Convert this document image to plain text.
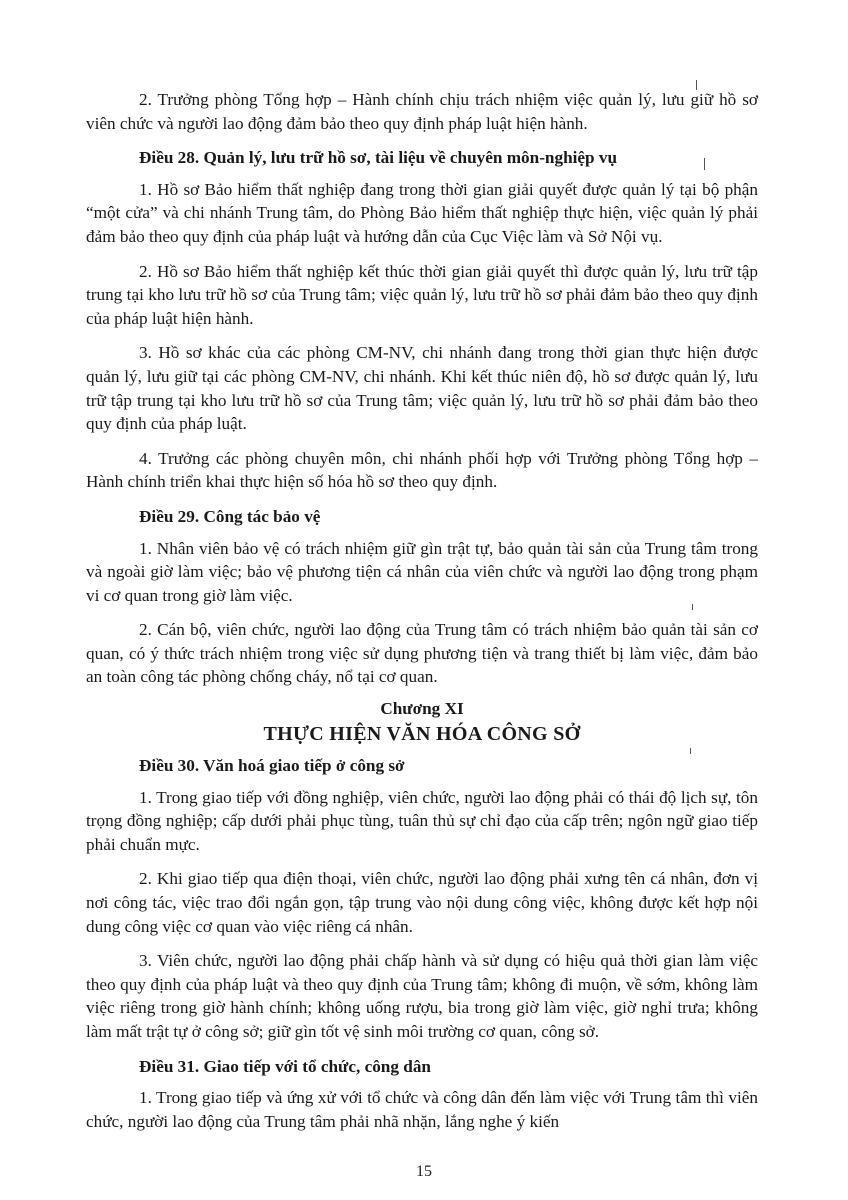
2. Trưởng phòng Tổng hợp – Hành chính chịu trách nhiệm việc quản lý, lưu giữ hồ sơ viên chức và người lao động đảm bảo theo quy định pháp luật hiện hành.

Điều 28. Quản lý, lưu trữ hồ sơ, tài liệu về chuyên môn-nghiệp vụ

1. Hồ sơ Bảo hiểm thất nghiệp đang trong thời gian giải quyết được quản lý tại bộ phận “một cửa” và chi nhánh Trung tâm, do Phòng Bảo hiểm thất nghiệp thực hiện, việc quản lý phải đảm bảo theo quy định của pháp luật và hướng dẫn của Cục Việc làm và Sở Nội vụ.

2. Hồ sơ Bảo hiểm thất nghiệp kết thúc thời gian giải quyết thì được quản lý, lưu trữ tập trung tại kho lưu trữ hồ sơ của Trung tâm; việc quản lý, lưu trữ hồ sơ phải đảm bảo theo quy định của pháp luật hiện hành.

3. Hồ sơ khác của các phòng CM-NV, chi nhánh đang trong thời gian thực hiện được quản lý, lưu giữ tại các phòng CM-NV, chi nhánh. Khi kết thúc niên độ, hồ sơ được quản lý, lưu trữ tập trung tại kho lưu trữ hồ sơ của Trung tâm; việc quản lý, lưu trữ hồ sơ phải đảm bảo theo quy định của pháp luật.

4. Trưởng các phòng chuyên môn, chi nhánh phối hợp với Trưởng phòng Tổng hợp – Hành chính triển khai thực hiện số hóa hồ sơ theo quy định.

Điều 29. Công tác bảo vệ

1. Nhân viên bảo vệ có trách nhiệm giữ gìn trật tự, bảo quản tài sản của Trung tâm trong và ngoài giờ làm việc; bảo vệ phương tiện cá nhân của viên chức và người lao động trong phạm vi cơ quan trong giờ làm việc.

2. Cán bộ, viên chức, người lao động của Trung tâm có trách nhiệm bảo quản tài sản cơ quan, có ý thức trách nhiệm trong việc sử dụng phương tiện và trang thiết bị làm việc, đảm bảo an toàn công tác phòng chống cháy, nổ tại cơ quan.

Chương XI
THỰC HIỆN VĂN HÓA CÔNG SỞ

Điều 30. Văn hoá giao tiếp ở công sở

1. Trong giao tiếp với đồng nghiệp, viên chức, người lao động phải có thái độ lịch sự, tôn trọng đồng nghiệp; cấp dưới phải phục tùng, tuân thủ sự chỉ đạo của cấp trên; ngôn ngữ giao tiếp phải chuẩn mực.

2. Khi giao tiếp qua điện thoại, viên chức, người lao động phải xưng tên cá nhân, đơn vị nơi công tác, việc trao đổi ngắn gọn, tập trung vào nội dung công việc, không được kết hợp nội dung công việc cơ quan vào việc riêng cá nhân.

3. Viên chức, người lao động phải chấp hành và sử dụng có hiệu quả thời gian làm việc theo quy định của pháp luật và theo quy định của Trung tâm; không đi muộn, về sớm, không làm việc riêng trong giờ hành chính; không uống rượu, bia trong giờ làm việc, giờ nghỉ trưa; không làm mất trật tự ở công sở; giữ gìn tốt vệ sinh môi trường cơ quan, công sở.

Điều 31. Giao tiếp với tổ chức, công dân

1. Trong giao tiếp và ứng xử với tổ chức và công dân đến làm việc với Trung tâm thì viên chức, người lao động của Trung tâm phải nhã nhặn, lắng nghe ý kiến

15
